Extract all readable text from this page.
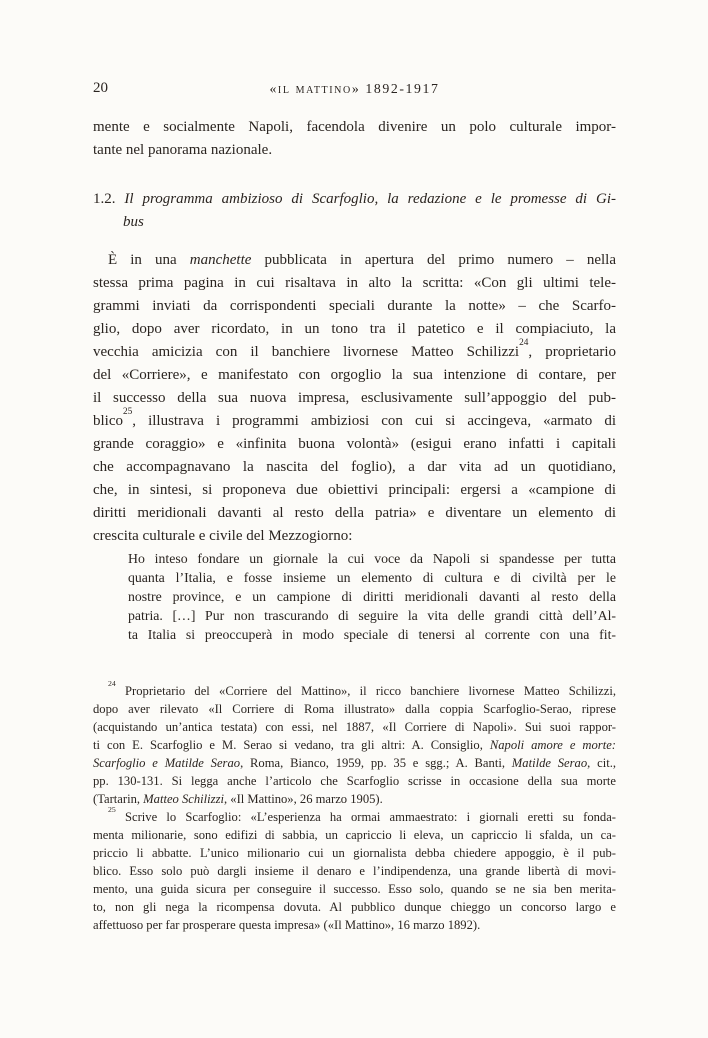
20	«il mattino» 1892-1917
mente e socialmente Napoli, facendola divenire un polo culturale impor-
tante nel panorama nazionale.
1.2. Il programma ambizioso di Scarfoglio, la redazione e le promesse di Gi-
bus
È in una manchette pubblicata in apertura del primo numero – nella
stessa prima pagina in cui risaltava in alto la scritta: «Con gli ultimi tele-
grammi inviati da corrispondenti speciali durante la notte» – che Scarfo-
glio, dopo aver ricordato, in un tono tra il patetico e il compiaciuto, la
vecchia amicizia con il banchiere livornese Matteo Schilizzi$^{24}$, proprietario
del «Corriere», e manifestato con orgoglio la sua intenzione di contare, per
il successo della sua nuova impresa, esclusivamente sull’appoggio del pub-
blico$^{25}$, illustrava i programmi ambiziosi con cui si accingeva, «armato di
grande coraggio» e «infinita buona volontà» (esigui erano infatti i capitali
che accompagnavano la nascita del foglio), a dar vita ad un quotidiano,
che, in sintesi, si proponeva due obiettivi principali: ergersi a «campione di
diritti meridionali davanti al resto della patria» e diventare un elemento di
crescita culturale e civile del Mezzogiorno:
Ho inteso fondare un giornale la cui voce da Napoli si spandesse per tutta
quanta l’Italia, e fosse insieme un elemento di cultura e di civiltà per le
nostre province, e un campione di diritti meridionali davanti al resto della
patria. […] Pur non trascurando di seguire la vita delle grandi città dell’Al-
ta Italia si preoccuperà in modo speciale di tenersi al corrente con una fit-
$^{24}$ Proprietario del «Corriere del Mattino», il ricco banchiere livornese Matteo Schilizzi,
dopo aver rilevato «Il Corriere di Roma illustrato» dalla coppia Scarfoglio-Serao, riprese
(acquistando un’antica testata) con essi, nel 1887, «Il Corriere di Napoli». Sui suoi rappor-
ti con E. Scarfoglio e M. Serao si vedano, tra gli altri: A. Consiglio, Napoli amore e morte:
Scarfoglio e Matilde Serao, Roma, Bianco, 1959, pp. 35 e sgg.; A. Banti, Matilde Serao, cit.,
pp. 130-131. Si legga anche l’articolo che Scarfoglio scrisse in occasione della sua morte
(Tartarin, Matteo Schilizzi, «Il Mattino», 26 marzo 1905).
$^{25}$ Scrive lo Scarfoglio: «L’esperienza ha ormai ammaestrato: i giornali eretti su fonda-
menta milionarie, sono edifizi di sabbia, un capriccio li eleva, un capriccio li sfalda, un ca-
priccio li abbatte. L’unico milionario cui un giornalista debba chiedere appoggio, è il pub-
blico. Esso solo può dargli insieme il denaro e l’indipendenza, una grande libertà di movi-
mento, una guida sicura per conseguire il successo. Esso solo, quando se ne sia ben merita-
to, non gli nega la ricompensa dovuta. Al pubblico dunque chieggo un concorso largo e
affettuoso per far prosperare questa impresa» («Il Mattino», 16 marzo 1892).
